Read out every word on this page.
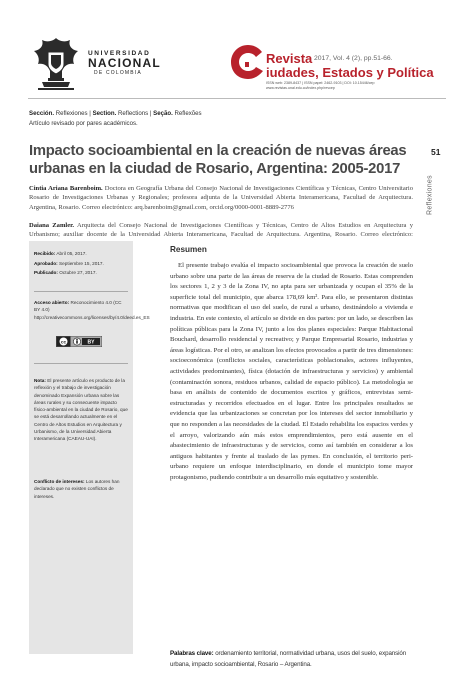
UNIVERSIDAD
NACIONAL
DE COLOMBIA
Revista
iudades, Estados y Política
2017, Vol. 4 (2), pp.51-66.
ISSN web: 2389-8437 | ISSN papel: 2462-9103 | DOI: 10.15446/cep
www.revistas.unal.edu.co/index.php/revcep
Sección. Reflexiones | Section. Reflections | Seção. Reflexões
Artículo revisado por pares académicos.
51
Reflexiones
Impacto socioambiental en la creación de nuevas áreas urbanas en la ciudad de Rosario, Argentina: 2005-2017

Cintia Ariana Barenboim. Doctora en Geografía Urbana del Consejo Nacional de Investigaciones Científicas y Técnicas, Centro Universitario Rosario de Investigaciones Urbanas y Regionales; profesora adjunta de la Universidad Abierta Interamericana, Facultad de Arquitectura. Argentina, Rosario. Correo electrónico: arq.barenboim@gmail.com, orcid.org/0000-0001-8889-2776

Daiana Zamler. Arquitecta del Consejo Nacional de Investigaciones Científicas y Técnicas, Centro de Altos Estudios en Arquitectura y Urbanismo; auxiliar docente de la Universidad Abierta Interamericana, Facultad de Arquitectura. Argentina, Rosario. Correo electrónico:

Recibido: Abril 05, 2017.
Aprobado: Septiembre 15, 2017.
Publicado: Octubre 27, 2017.
Acceso abierto: Reconocimiento 4.0 (CC BY 4.0) http://creativecommons.org/licenses/by/4.0/deed.es_ES
cc	BY
Nota: El presente artículo es producto de la reflexión y el trabajo de investigación denominado Expansión urbana sobre las áreas rurales y su consecuente impacto físico-ambiental en la ciudad de Rosario, que se está desarrollando actualmente en el Centro de Altos Estudios en Arquitectura y Urbanismo, de la Universidad Abierta Interamericana (CAEAU-UAI).
Conflicto de intereses: Los autores han declarado que no existen conflictos de intereses.
Resumen

El presente trabajo evalúa el impacto socioambiental que provoca la creación de suelo urbano sobre una parte de las áreas de reserva de la ciudad de Rosario. Estas comprenden los sectores 1, 2 y 3 de la Zona IV, no apta para ser urbanizada y ocupan el 35% de la superficie total del municipio, que abarca 178,69 km². Para ello, se presentaron distintas normativas que modifican el uso del suelo, de rural a urbano, destinándolo a vivienda e industria. En este contexto, el artículo se divide en dos partes: por un lado, se describen las políticas públicas para la Zona IV, junto a los dos planes especiales: Parque Habitacional Bouchard, desarrollo residencial y recreativo; y Parque Empresarial Rosario, industrias y áreas logísticas. Por el otro, se analizan los efectos provocados a partir de tres dimensiones: socioeconómica (conflictos sociales, características poblacionales, actores influyentes, actividades predominantes), física (dotación de infraestructuras y servicios) y ambiental (contaminación sonora, residuos urbanos, calidad de espacio público). La metodología se basa en análisis de contenido de documentos escritos y gráficos, entrevistas semi-estructuradas y recorridos efectuados en el lugar. Entre los principales resultados se evidencia que las urbanizaciones se concretan por los intereses del sector inmobiliario y que no responden a las necesidades de la ciudad. El Estado rehabilita los espacios verdes y el arroyo, valorizando aún más estos emprendimientos, pero está ausente en el abastecimiento de infraestructuras y de servicios, como así también en considerar a los antiguos habitantes y frente al traslado de las pymes. En conclusión, el territorio peri-urbano requiere un enfoque interdisciplinario, en donde el municipio tome mayor protagonismo, pudiendo contribuir a un desarrollo más equitativo y sostenible.

Palabras clave: ordenamiento territorial, normatividad urbana, usos del suelo, expansión urbana, impacto socioambiental, Rosario – Argentina.
